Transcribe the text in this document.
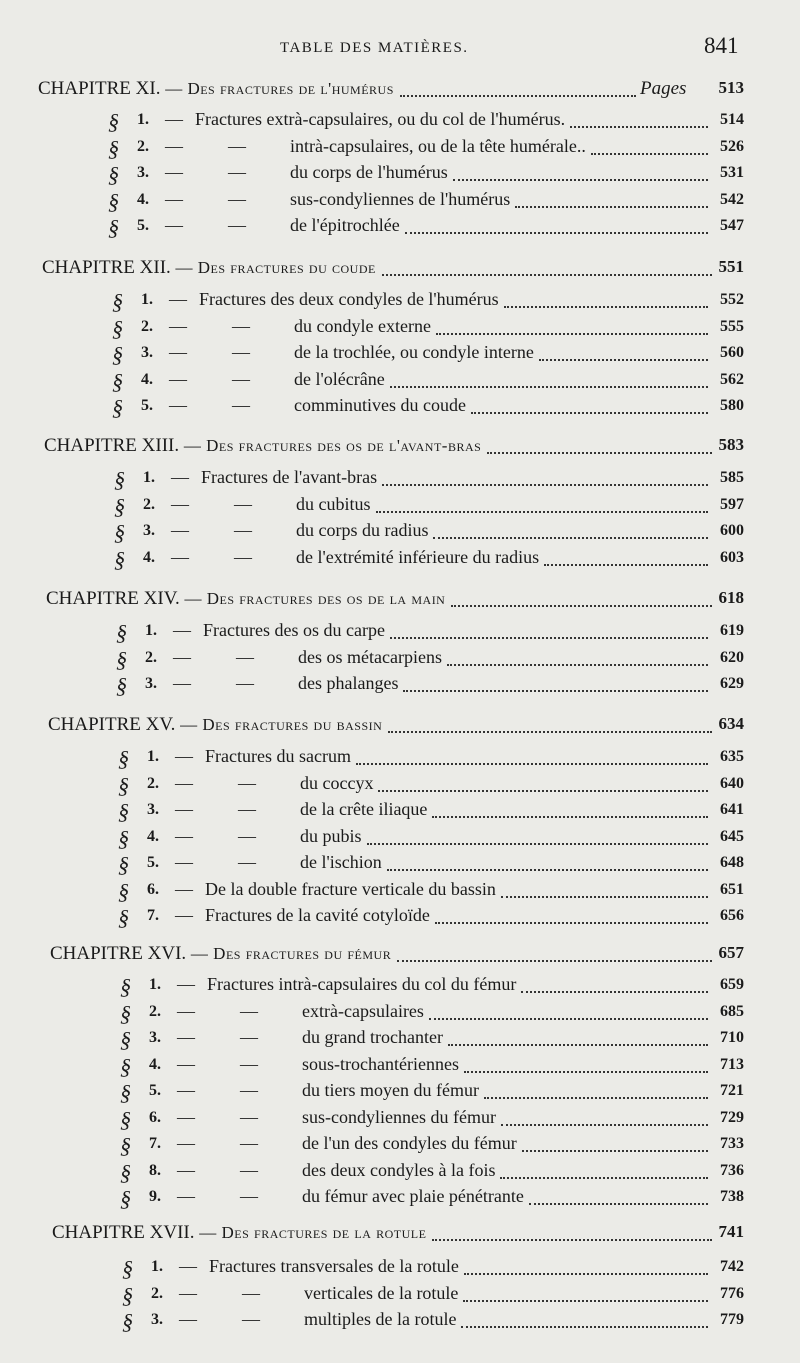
TABLE DES MATIÈRES.	841
CHAPITRE XI. — Des fractures de l'humérus	Pages 513
§ 1. — Fractures extrà-capsulaires, ou du col de l'humérus.	514
§ 2. —	— intrà-capsulaires, ou de la tête humérale..	526
§ 3. —	— du corps de l'humérus	531
§ 4. —	— sus-condyliennes de l'humérus	542
§ 5. —	— de l'épitrochlée	547
CHAPITRE XII. — Des fractures du coude	551
§ 1. — Fractures des deux condyles de l'humérus	552
§ 2. —	— du condyle externe	555
§ 3. —	— de la trochlée, ou condyle interne	560
§ 4. —	— de l'olécrâne	562
§ 5. —	— comminutives du coude	580
CHAPITRE XIII. — Des fractures des os de l'avant-bras	583
§ 1. — Fractures de l'avant-bras	585
§ 2. —	— du cubitus	597
§ 3. —	— du corps du radius	600
§ 4. —	— de l'extrémité inférieure du radius	603
CHAPITRE XIV. — Des fractures des os de la main	618
§ 1. — Fractures des os du carpe	619
§ 2. —	— des os métacarpiens	620
§ 3. —	— des phalanges	629
CHAPITRE XV. — Des fractures du bassin	634
§ 1. — Fractures du sacrum	635
§ 2. —	— du coccyx	640
§ 3. —	— de la crête iliaque	641
§ 4. —	— du pubis	645
§ 5. —	— de l'ischion	648
§ 6. — De la double fracture verticale du bassin	651
§ 7. — Fractures de la cavité cotyloïde	656
CHAPITRE XVI. — Des fractures du fémur	657
§ 1. — Fractures intrà-capsulaires du col du fémur	659
§ 2. —	— extrà-capsulaires	685
§ 3. —	— du grand trochanter	710
§ 4. —	— sous-trochantériennes	713
§ 5. —	— du tiers moyen du fémur	721
§ 6. —	— sus-condyliennes du fémur	729
§ 7. —	— de l'un des condyles du fémur	733
§ 8. —	— des deux condyles à la fois	736
§ 9. —	— du fémur avec plaie pénétrante	738
CHAPITRE XVII. — Des fractures de la rotule	741
§ 1. — Fractures transversales de la rotule	742
§ 2. —	— verticales de la rotule	776
§ 3. —	— multiples de la rotule	779
